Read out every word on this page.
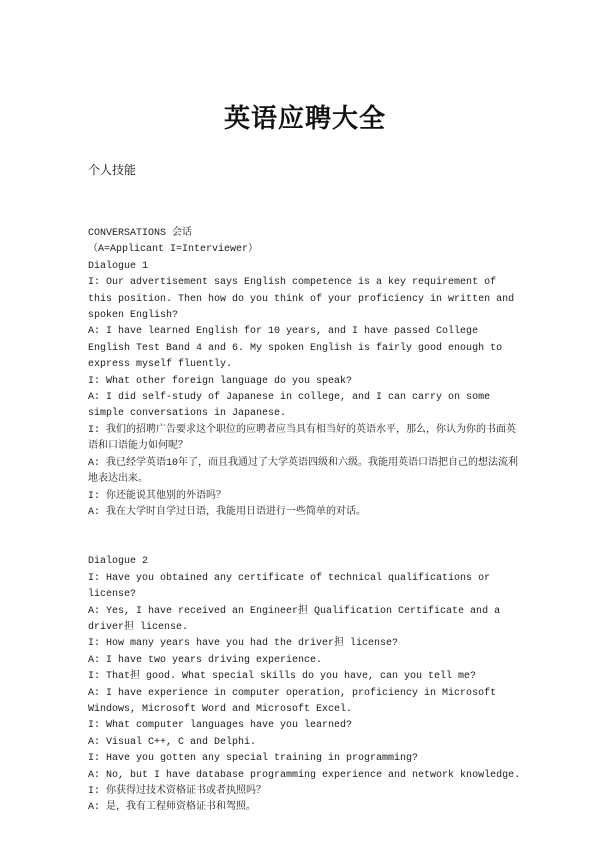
英语应聘大全
个人技能
CONVERSATIONS 会话
（A=Applicant I=Interviewer）
Dialogue 1
I: Our advertisement says English competence is a key requirement of this position. Then how do you think of your proficiency in written and spoken English?
A: I have learned English for 10 years, and I have passed College English Test Band 4 and 6. My spoken English is fairly good enough to express myself fluently.
I: What other foreign language do you speak?
A: I did self-study of Japanese in college, and I can carry on some simple conversations in Japanese.
I: 我们的招聘广告要求这个职位的应聘者应当具有相当好的英语水平，那么，你认为你的书面英语和口语能力如何呢？
A: 我已经学英语10年了，而且我通过了大学英语四级和六级。我能用英语口语把自己的想法流利地表达出来。
I: 你还能说其他别的外语吗？
A: 我在大学时自学过日语，我能用日语进行一些简单的对话。
Dialogue 2
I: Have you obtained any certificate of technical qualifications or license?
A: Yes, I have received an Engineer担 Qualification Certificate and a driver担 license.
I: How many years have you had the driver担 license?
A: I have two years driving experience.
I: That担 good. What special skills do you have, can you tell me?
A: I have experience in computer operation, proficiency in Microsoft Windows, Microsoft Word and Microsoft Excel.
I: What computer languages have you learned?
A: Visual C++, C and Delphi.
I: Have you gotten any special training in programming?
A: No, but I have database programming experience and network knowledge.
I: 你获得过技术资格证书或者执照吗？
A: 是，我有工程师资格证书和驾照。
